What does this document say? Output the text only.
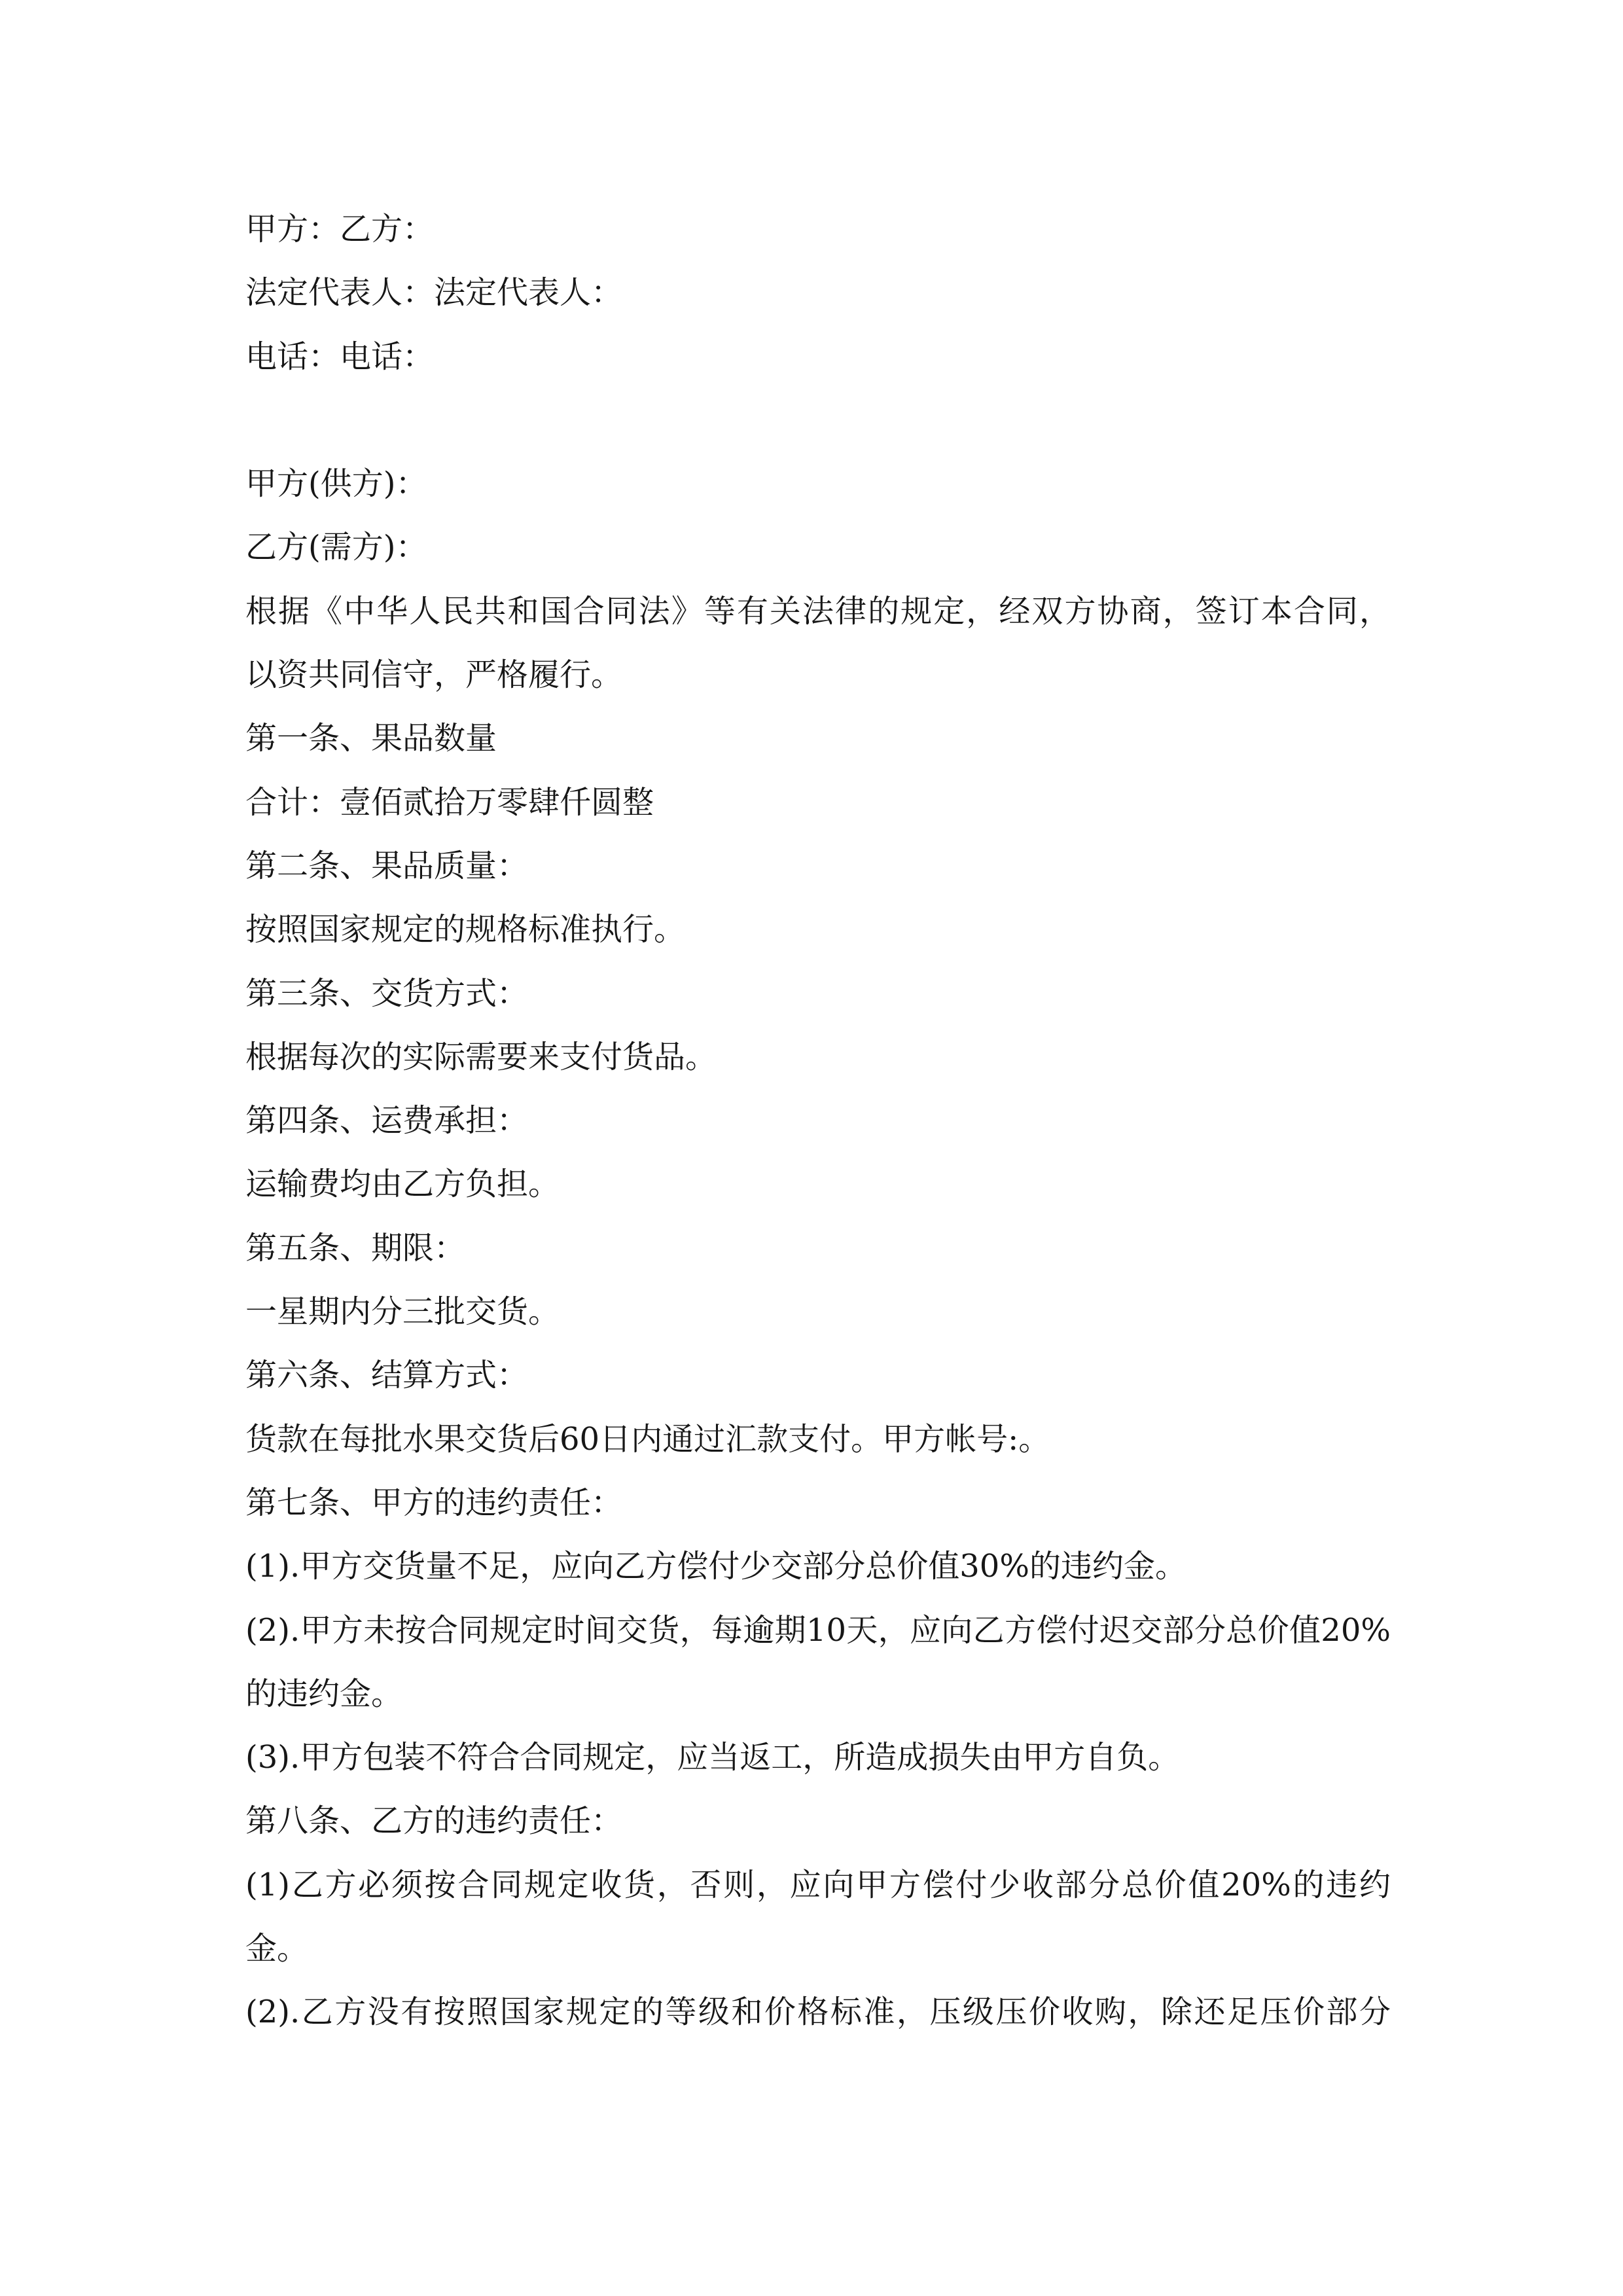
甲方：乙方：
法定代表人：法定代表人：
电话：电话：
甲方(供方)：
乙方(需方)：
根据《中华人民共和国合同法》等有关法律的规定，经双方协商，签订本合同，
以资共同信守，严格履行。
第一条、果品数量
合计：壹佰贰拾万零肆仟圆整
第二条、果品质量：
按照国家规定的规格标准执行。
第三条、交货方式：
根据每次的实际需要来支付货品。
第四条、运费承担：
运输费均由乙方负担。
第五条、期限：
一星期内分三批交货。
第六条、结算方式：
货款在每批水果交货后60日内通过汇款支付。甲方帐号:。
第七条、甲方的违约责任：
(1).甲方交货量不足，应向乙方偿付少交部分总价值30%的违约金。
(2).甲方未按合同规定时间交货，每逾期10天，应向乙方偿付迟交部分总价值20%
的违约金。
(3).甲方包装不符合合同规定，应当返工，所造成损失由甲方自负。
第八条、乙方的违约责任：
(1)乙方必须按合同规定收货，否则，应向甲方偿付少收部分总价值20%的违约
金。
(2).乙方没有按照国家规定的等级和价格标准，压级压价收购，除还足压价部分
